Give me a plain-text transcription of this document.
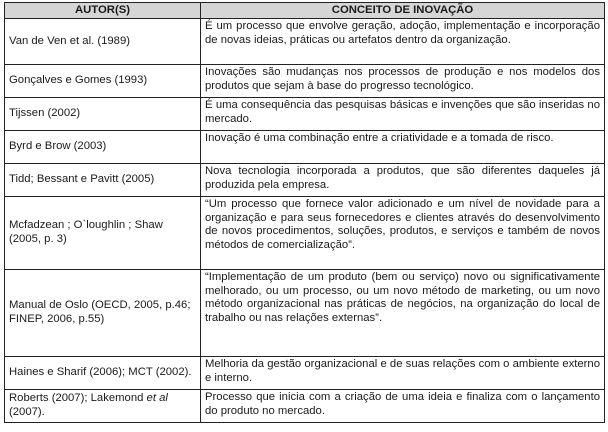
AUTOR(S)	CONCEITO DE INOVAÇÃO
Van de Ven et al. (1989)	É um processo que envolve geração, adoção, implementação e incorporação de novas ideias, práticas ou artefatos dentro da organização.
Gonçalves e Gomes (1993)	Inovações são mudanças nos processos de produção e nos modelos dos produtos que sejam à base do progresso tecnológico.
Tijssen (2002)	É uma consequência das pesquisas básicas e invenções que são inseridas no mercado.
Byrd e Brow (2003)	Inovação é uma combinação entre a criatividade e a tomada de risco.
Tidd; Bessant e Pavitt (2005)	Nova tecnologia incorporada a produtos, que são diferentes daqueles já produzida pela empresa.
Mcfadzean ; O`loughlin ; Shaw (2005, p. 3)	“Um processo que fornece valor adicionado e um nível de novidade para a organização e para seus fornecedores e clientes através do desenvolvimento de novos procedimentos, soluções, produtos, e serviços e também de novos métodos de comercialização”.
Manual de Oslo (OECD, 2005, p.46; FINEP, 2006, p.55)	“Implementação de um produto (bem ou serviço) novo ou significativamente melhorado, ou um processo, ou um novo método de marketing, ou um novo método organizacional nas práticas de negócios, na organização do local de trabalho ou nas relações externas”.
Haines e Sharif (2006); MCT (2002).	Melhoria da gestão organizacional e de suas relações com o ambiente externo e interno.
Roberts (2007); Lakemond et al (2007).	Processo que inicia com a criação de uma ideia e finaliza com o lançamento do produto no mercado.
